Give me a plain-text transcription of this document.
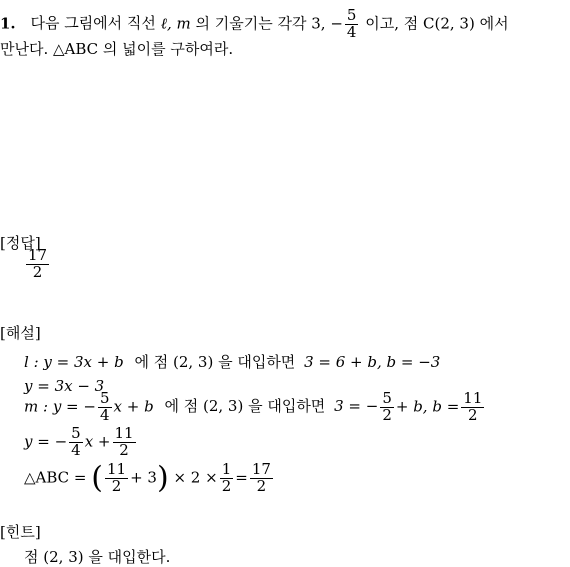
1. 다음 그림에서 직선 ℓ, m 의 기울기는 각각 3, − $\frac{5}{4}$ 이고, 점 C(2, 3) 에서
만난다. △ABC 의 넓이를 구하여라.
[정답]
$\frac{17}{2}$
[해설]
l : y = 3x + b 에 점 (2, 3) 을 대입하면 3 = 6 + b, b = −3
y = 3x − 3
m : y = − $\frac{5}{4}$ x + b 에 점 (2, 3) 을 대입하면 3 = − $\frac{5}{2} + b$, $b = \frac{11}{2}$
y = − $\frac{5}{4}$ $x + \frac{11}{2}$
△ABC = ( $\frac{11}{2} + 3) \times 2 \times \frac{1}{2} = \frac{17}{2}$
[힌트]
점 (2, 3) 을 대입한다.
